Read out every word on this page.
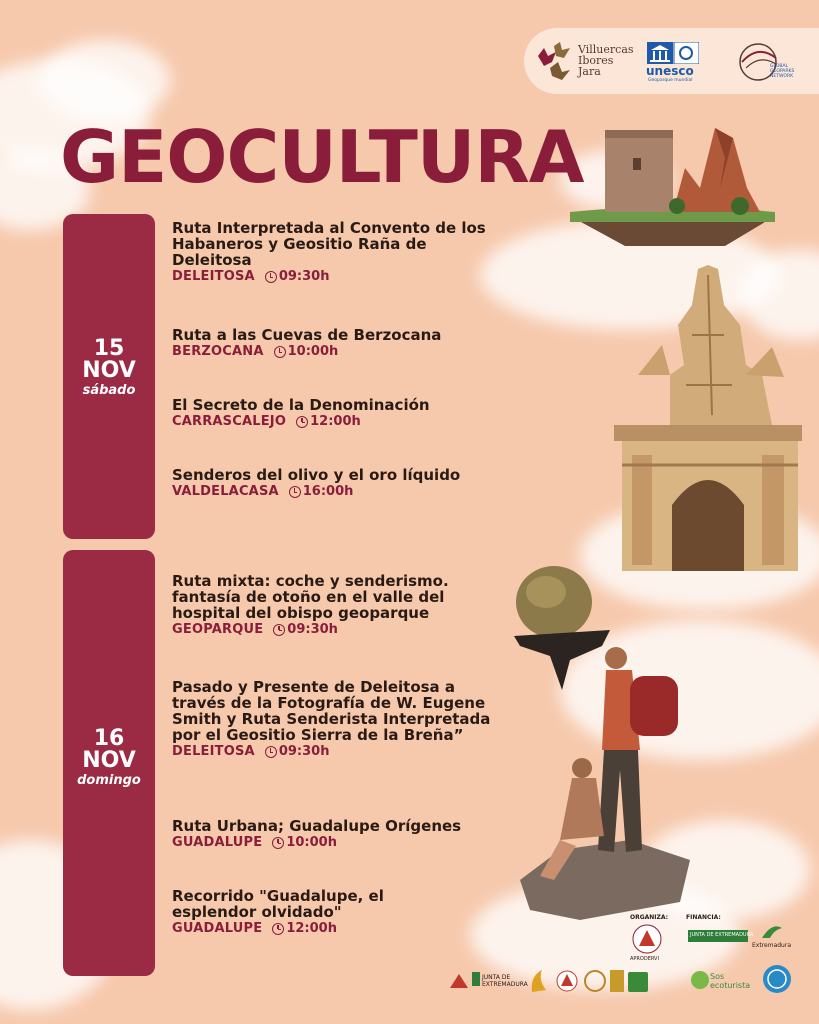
Villuercas
Ibores
Jara	unesco
Geoparque mundial
GLOBAL
GEOPARKS
NETWORK
GEOCULTURA
15
NOV
sábado
16
NOV
domingo
Ruta Interpretada al Convento de los Habaneros y Geositio Raña de Deleitosa
DELEITOSA 09:30h
Ruta a las Cuevas de Berzocana
BERZOCANA 10:00h
El Secreto de la Denominación
CARRASCALEJO 12:00h
Senderos del olivo y el oro líquido
VALDELACASA 16:00h
Ruta mixta: coche y senderismo. fantasía de otoño en el valle del hospital del obispo geoparque
GEOPARQUE 09:30h
Pasado y Presente de Deleitosa a través de la Fotografía de W. Eugene Smith y Ruta Senderista Interpretada por el Geositio Sierra de la Breña”
DELEITOSA 09:30h
Ruta Urbana; Guadalupe Orígenes
GUADALUPE 10:00h
Recorrido "Guadalupe, el esplendor olvidado"
GUADALUPE 12:00h
ORGANIZA:	FINANCIA:
APRODERVI
JUNTA DE EXTREMADURA
Extremadura
JUNTA DE
EXTREMADURA
Sos
ecoturista
